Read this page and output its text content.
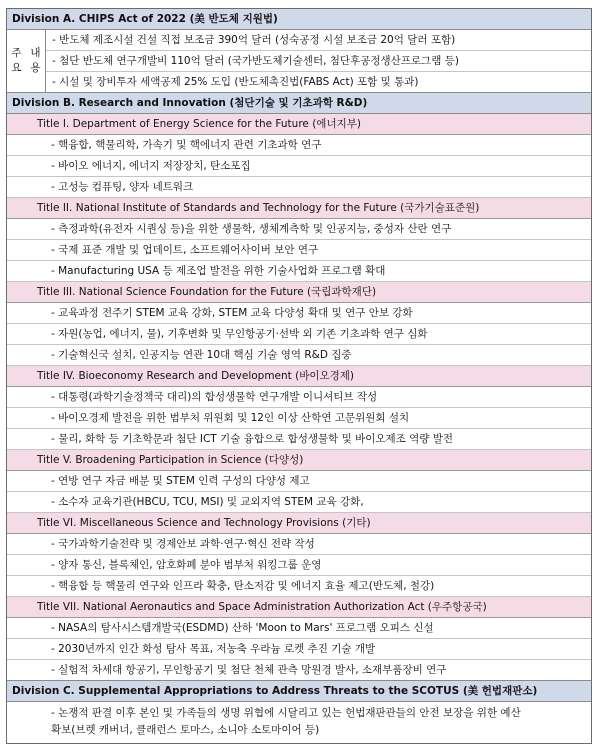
Division A. CHIPS Act of 2022 (美 반도체 지원법)
주요

내용
- 반도체 제조시설 건설 직접 보조금 390억 달러 (성숙공정 시설 보조금 20억 달러 포함)
- 첨단 반도체 연구개발비 110억 달러 (국가반도체기술센터, 첨단후공정생산프로그램 등)
- 시설 및 장비투자 세액공제 25% 도입 (반도체촉진법(FABS Act) 포함 및 통과)
Division B. Research and Innovation (첨단기술 및 기초과학 R&D)
Title I. Department of Energy Science for the Future (에너지부)
- 핵융합, 핵물리학, 가속기 및 핵에너지 관련 기초과학 연구
- 바이오 에너지, 에너지 저장장치, 탄소포집
- 고성능 컴퓨팅, 양자 네트워크
Title II. National Institute of Standards and Technology for the Future (국가기술표준원)
- 측정과학(유전자 시퀀싱 등)을 위한 생물학, 생체계측학 및 인공지능, 중성자 산란 연구
- 국제 표준 개발 및 업데이트, 소프트웨어사이버 보안 연구
- Manufacturing USA 등 제조업 발전을 위한 기술사업화 프로그램 확대
Title III. National Science Foundation for the Future (국립과학재단)
- 교육과정 전주기 STEM 교육 강화, STEM 교육 다양성 확대 및 연구 안보 강화
- 자원(농업, 에너지, 물), 기후변화 및 무인항공기·선박 외 기존 기초과학 연구 심화
- 기술혁신국 설치, 인공지능 연관 10대 핵심 기술 영역 R&D 집중
Title IV. Bioeconomy Research and Development (바이오경제)
- 대통령(과학기술정책국 대리)의 합성생물학 연구개발 이니셔티브 작성
- 바이오경제 발전을 위한 범부처 위원회 및 12인 이상 산학연 고문위원회 설치
- 물리, 화학 등 기초학문과 첨단 ICT 기술 융합으로 합성생물학 및 바이오제조 역량 발전
Title V. Broadening Participation in Science (다양성)
- 연방 연구 자금 배분 및 STEM 인력 구성의 다양성 제고
- 소수자 교육기관(HBCU, TCU, MSI) 및 교외지역 STEM 교육 강화,
Title VI. Miscellaneous Science and Technology Provisions (기타)
- 국가과학기술전략 및 경제안보 과학·연구·혁신 전략 작성
- 양자 통신, 블록체인, 암호화폐 분야 범부처 워킹그룹 운영
- 핵융합 등 핵물리 연구와 인프라 확충, 탄소저감 및 에너지 효율 제고(반도체, 철강)
Title VII. National Aeronautics and Space Administration Authorization Act (우주항공국)
- NASA의 탐사시스템개발국(ESDMD) 산하 'Moon to Mars' 프로그램 오피스 신설
- 2030년까지 인간 화성 탐사 목표, 저농축 우라늄 로켓 추진 기술 개발
- 실험적 차세대 항공기, 무인항공기 및 첨단 천체 관측 망원경 발사, 소재부품장비 연구
Division C. Supplemental Appropriations to Address Threats to the SCOTUS (美 헌법재판소)
- 논쟁적 판결 이후 본인 및 가족들의 생명 위협에 시달리고 있는 헌법재판관들의 안전 보장을 위한 예산
확보(브렛 캐버너, 클래런스 토마스, 소니아 소토마이어 등)
